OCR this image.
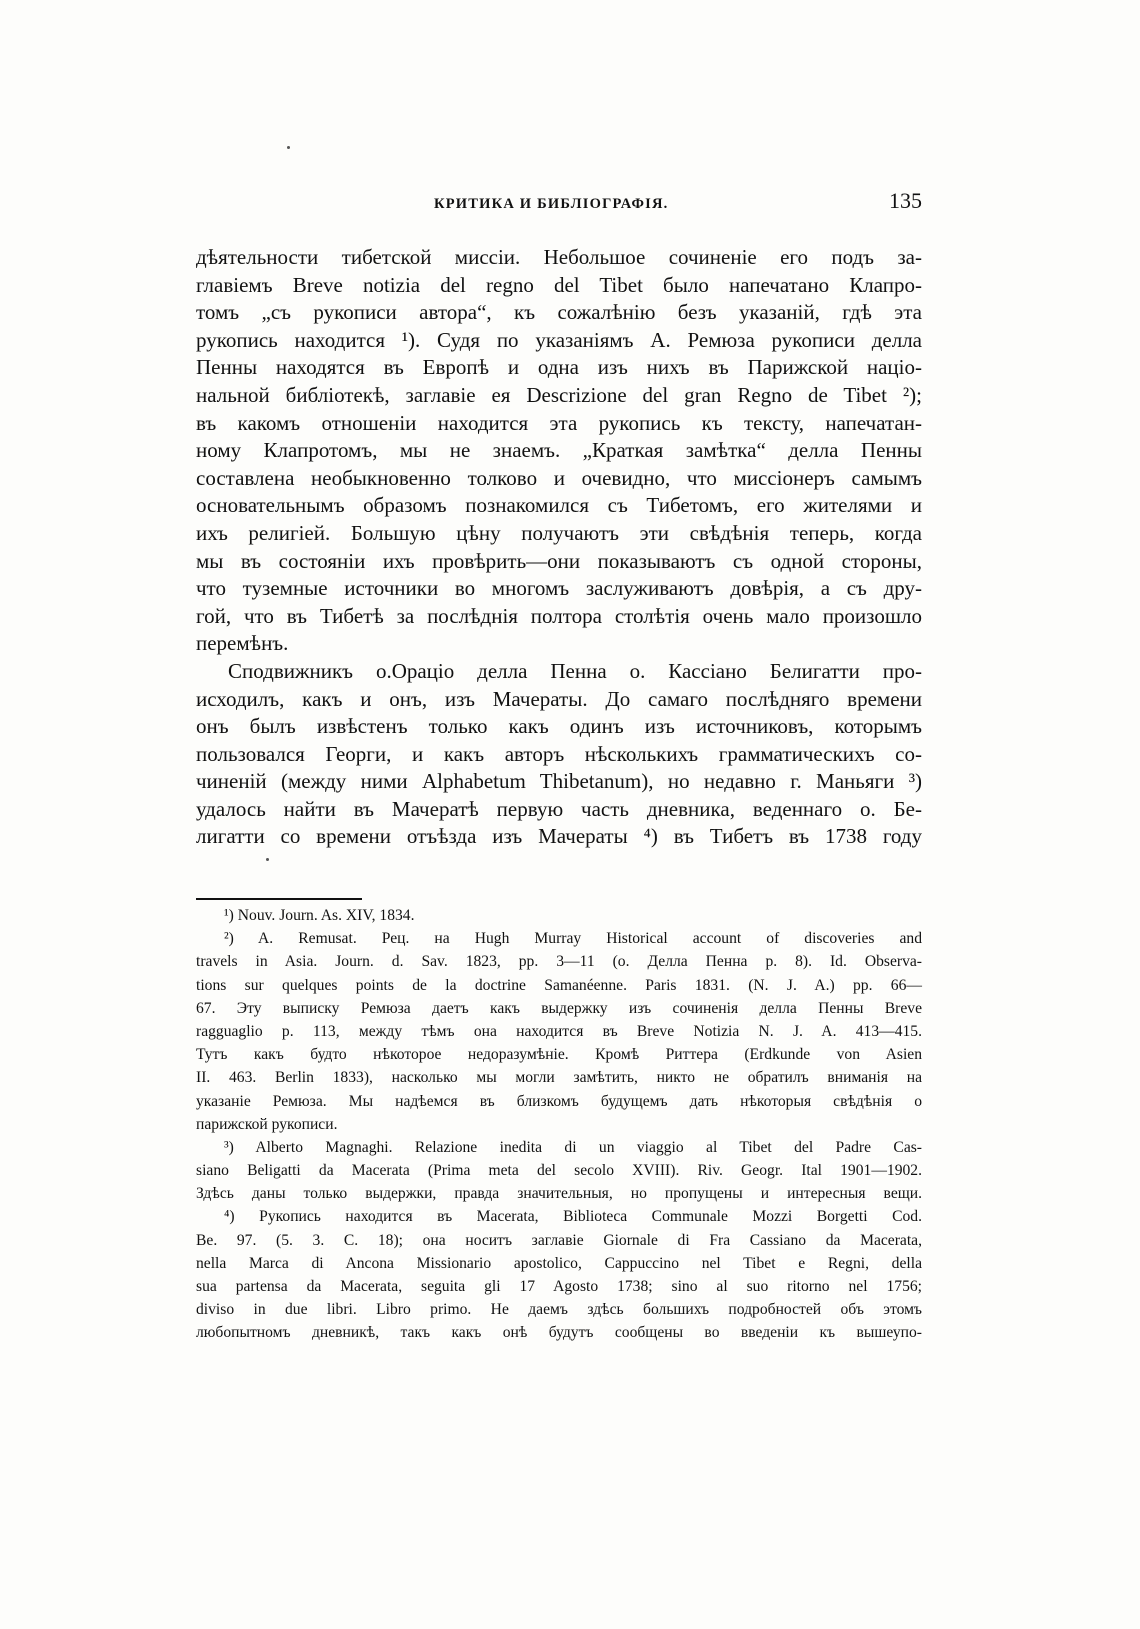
КРИТИКА И БИБЛІОГРАФІЯ.	135
дѣятельности тибетской миссіи. Небольшое сочиненіе его подъ за-
главіемъ Breve notizia del regno del Tibet было напечатано Клапро-
томъ „съ рукописи автора“, къ сожалѣнію безъ указаній, гдѣ эта
рукопись находится ¹). Судя по указаніямъ А. Ремюза рукописи делла
Пенны находятся въ Европѣ и одна изъ нихъ въ Парижской націо-
нальной библіотекѣ, заглавіе ея Descrizione del gran Regno de Tibet ²);
въ какомъ отношеніи находится эта рукопись къ тексту, напечатан-
ному Клапротомъ, мы не знаемъ. „Краткая замѣтка“ делла Пенны
составлена необыкновенно толково и очевидно, что миссіонеръ самымъ
основательнымъ образомъ познакомился съ Тибетомъ, его жителями и
ихъ религіей. Большую цѣну получаютъ эти свѣдѣнія теперь, когда
мы въ состояніи ихъ провѣрить—они показываютъ съ одной стороны,
что туземные источники во многомъ заслуживаютъ довѣрія, а съ дру-
гой, что въ Тибетѣ за послѣднія полтора столѣтія очень мало произошло
перемѣнъ.
Сподвижникъ о.Ораціо делла Пенна о. Кассіано Белигатти про-
исходилъ, какъ и онъ, изъ Мачераты. До самаго послѣдняго времени
онъ былъ извѣстенъ только какъ одинъ изъ источниковъ, которымъ
пользовался Георги, и какъ авторъ нѣсколькихъ грамматическихъ со-
чиненій (между ними Alphabetum Thibetanum), но недавно г. Маньяги ³)
удалось найти въ Мачератѣ первую часть дневника, веденнаго о. Бе-
лигатти со времени отъѣзда изъ Мачераты ⁴) въ Тибетъ въ 1738 году
¹) Nouv. Journ. As. XIV, 1834.
²) A. Remusat. Рец. на Hugh Murray Historical account of discoveries and
travels in Asia. Journ. d. Sav. 1823, pp. 3—11 (о. Делла Пенна р. 8). Id. Observa-
tions sur quelques points de la doctrine Samanéenne. Paris 1831. (N. J. A.) pp. 66—
67. Эту выписку Ремюза даетъ какъ выдержку изъ сочиненія делла Пенны Breve
ragguaglio p. 113, между тѣмъ она находится въ Breve Notizia N. J. A. 413—415.
Тутъ какъ будто нѣкоторое недоразумѣніе. Кромѣ Риттера (Erdkunde von Asien
II. 463. Berlin 1833), насколько мы могли замѣтить, никто не обратилъ вниманія на
указаніе Ремюза. Мы надѣемся въ близкомъ будущемъ дать нѣкоторыя свѣдѣнія о
парижской рукописи.
³) Alberto Magnaghi. Relazione inedita di un viaggio al Tibet del Padre Cas-
siano Beligatti da Macerata (Prima meta del secolo XVIII). Riv. Geogr. Ital 1901—1902.
Здѣсь даны только выдержки, правда значительныя, но пропущены и интересныя вещи.
⁴) Рукопись находится въ Macerata, Biblioteca Communale Mozzi Borgetti Cod.
Be. 97. (5. 3. C. 18); она носитъ заглавіе Giornale di Fra Cassiano da Macerata,
nella Marca di Ancona Missionario apostolico, Cappuccino nel Tibet e Regni, della
sua partensa da Macerata, seguita gli 17 Agosto 1738; sino al suo ritorno nel 1756;
diviso in due libri. Libro primo. Не даемъ здѣсь большихъ подробностей объ этомъ
любопытномъ дневникѣ, такъ какъ онѣ будутъ сообщены во введеніи къ вышеупо-
